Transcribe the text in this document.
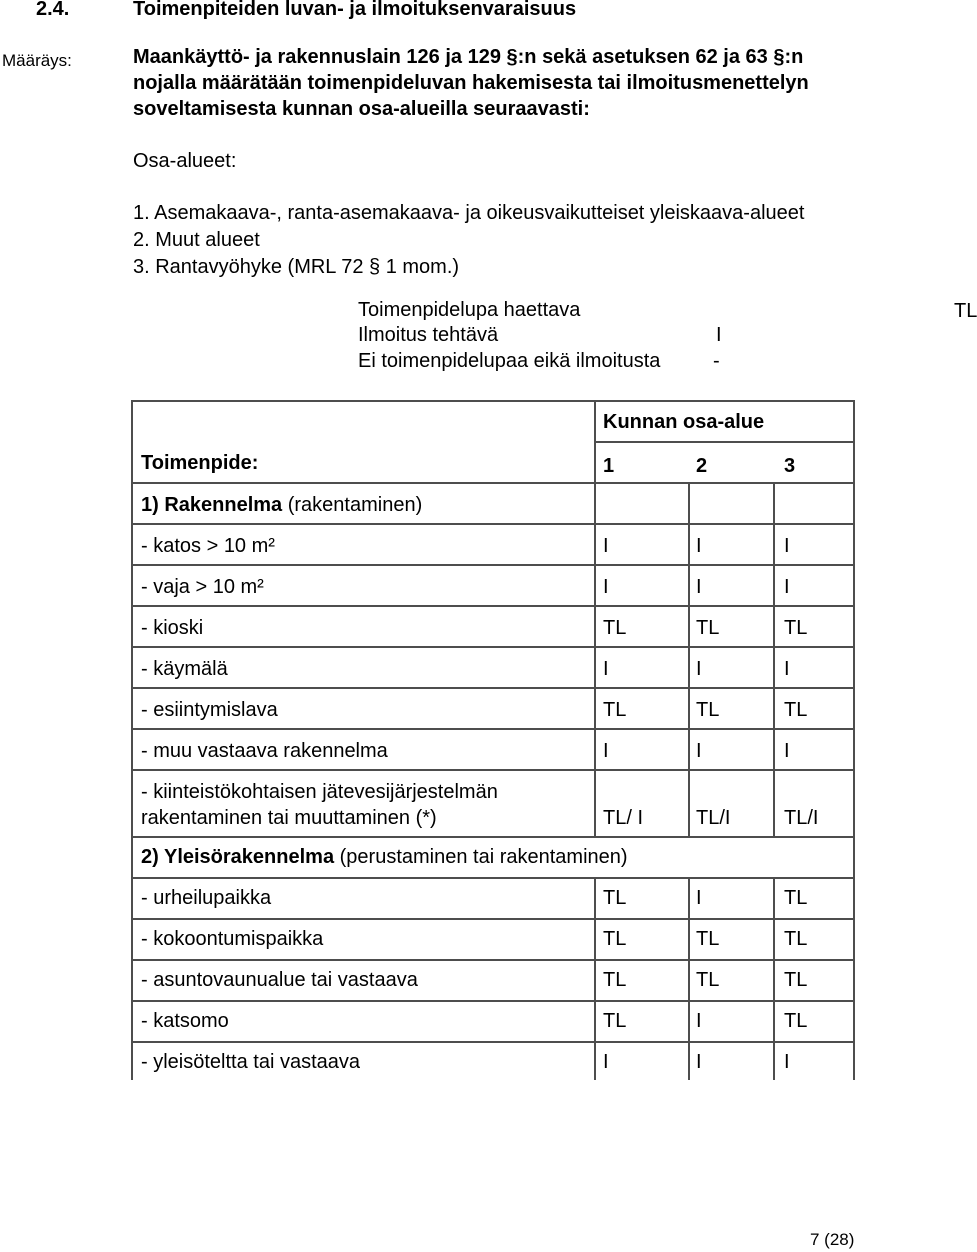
2.4.	Toimenpiteiden luvan- ja ilmoituksenvaraisuus
Määräys:	Maankäyttö- ja rakennuslain 126 ja 129 §:n sekä asetuksen 62 ja 63 §:n
nojalla määrätään toimenpideluvan hakemisesta tai ilmoitusmenettelyn
soveltamisesta kunnan osa-alueilla seuraavasti:
Osa-alueet:
1. Asemakaava-, ranta-asemakaava- ja oikeusvaikutteiset yleiskaava-alueet
2. Muut alueet
3. Rantavyöhyke (MRL 72 § 1 mom.)
Toimenpidelupa haettava	TL
Ilmoitus tehtävä	I
Ei toimenpidelupaa eikä ilmoitusta	-
Kunnan osa-alue
Toimenpide:	1	2	3
1) Rakennelma (rakentaminen)
- katos > 10 m²	I	I	I
- vaja > 10 m²	I	I	I
- kioski	TL	TL	TL
- käymälä	I	I	I
- esiintymislava	TL	TL	TL
- muu vastaava rakennelma	I	I	I
- kiinteistökohtaisen jätevesijärjestelmän
rakentaminen tai muuttaminen (*)	TL/ I	TL/I	TL/I
2) Yleisörakennelma (perustaminen tai rakentaminen)
- urheilupaikka	TL	I	TL
- kokoontumispaikka	TL	TL	TL
- asuntovaunualue tai vastaava	TL	TL	TL
- katsomo	TL	I	TL
- yleisöteltta tai vastaava	I	I	I
7 (28)
